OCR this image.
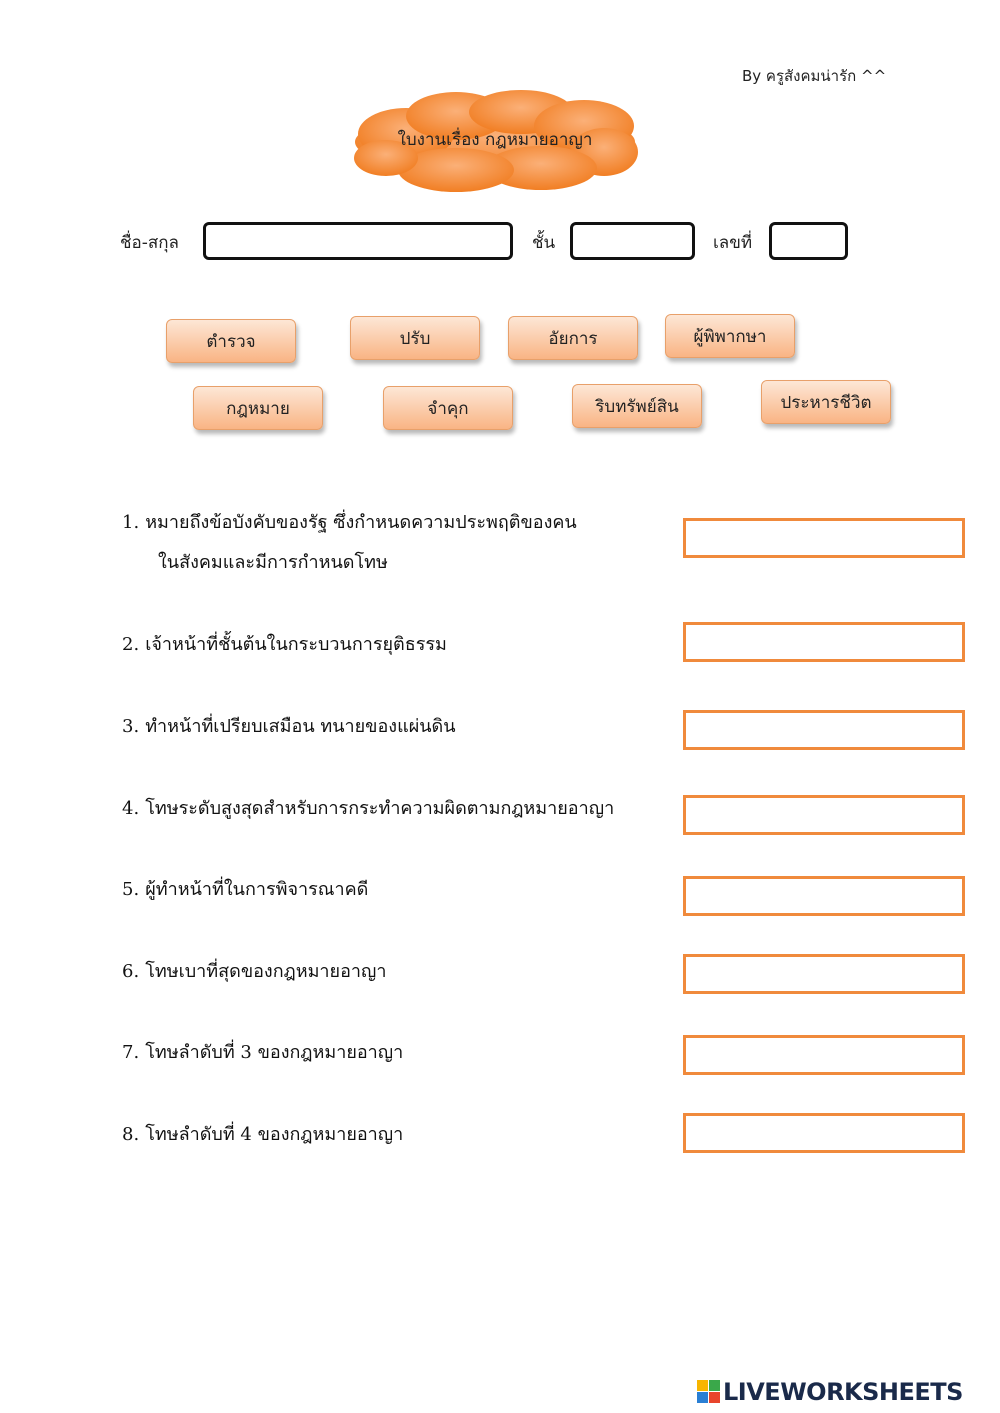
By ครูสังคมน่ารัก ^^
ใบงานเรื่อง กฎหมายอาญา
ชื่อ-สกุล	ชั้น	เลขที่
ตำรวจ	ปรับ	อัยการ	ผู้พิพากษา
กฎหมาย	จำคุก	ริบทรัพย์สิน	ประหารชีวิต
1. หมายถึงข้อบังคับของรัฐ ซึ่งกำหนดความประพฤติของคน
ในสังคมและมีการกำหนดโทษ
2. เจ้าหน้าที่ชั้นต้นในกระบวนการยุติธรรม
3. ทำหน้าที่เปรียบเสมือน ทนายของแผ่นดิน
4. โทษระดับสูงสุดสำหรับการกระทำความผิดตามกฎหมายอาญา
5. ผู้ทำหน้าที่ในการพิจารณาคดี
6. โทษเบาที่สุดของกฎหมายอาญา
7. โทษลำดับที่ 3 ของกฎหมายอาญา
8. โทษลำดับที่ 4 ของกฎหมายอาญา
LIVEWORKSHEETS
